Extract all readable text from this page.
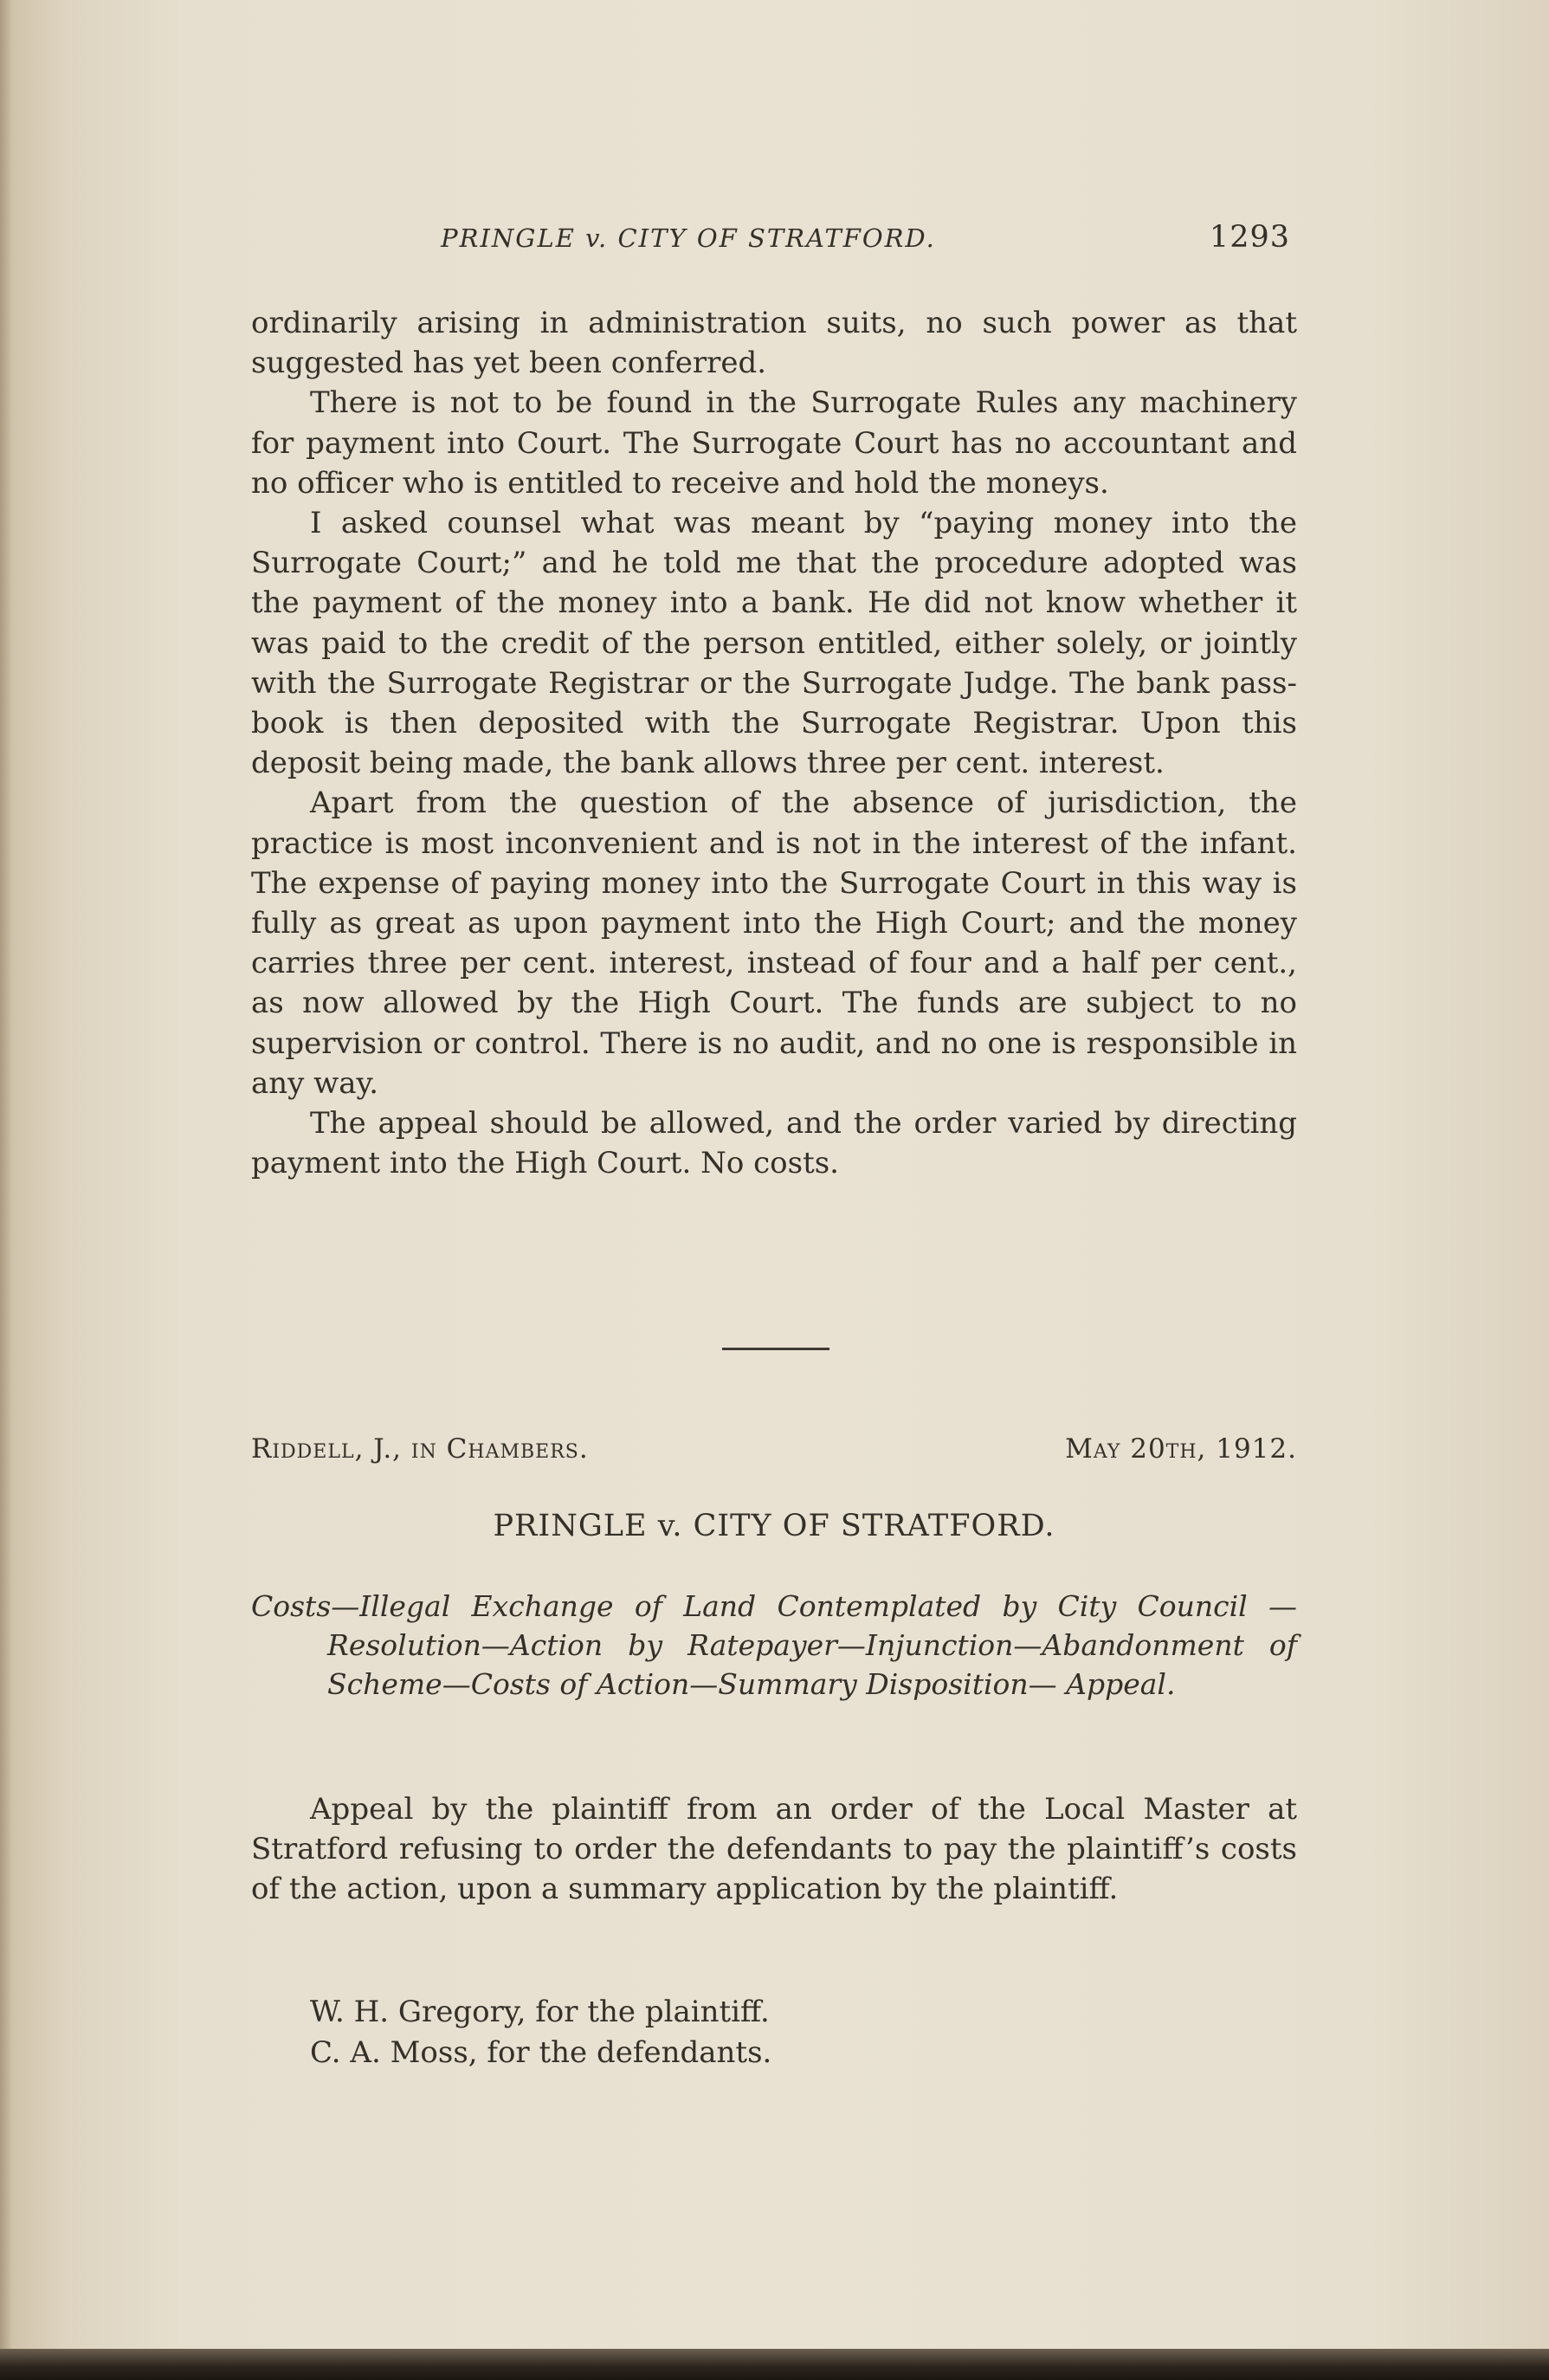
PRINGLE v. CITY OF STRATFORD.	1293

ordinarily arising in administration suits, no such power as that suggested has yet been conferred.

There is not to be found in the Surrogate Rules any machinery for payment into Court. The Surrogate Court has no accountant and no officer who is entitled to receive and hold the moneys.

I asked counsel what was meant by “paying money into the Surrogate Court;” and he told me that the procedure adopted was the payment of the money into a bank. He did not know whether it was paid to the credit of the person entitled, either solely, or jointly with the Surrogate Registrar or the Surrogate Judge. The bank pass-book is then deposited with the Surrogate Registrar. Upon this deposit being made, the bank allows three per cent. interest.

Apart from the question of the absence of jurisdiction, the practice is most inconvenient and is not in the interest of the infant. The expense of paying money into the Surrogate Court in this way is fully as great as upon payment into the High Court; and the money carries three per cent. interest, instead of four and a half per cent., as now allowed by the High Court. The funds are subject to no supervision or control. There is no audit, and no one is responsible in any way.

The appeal should be allowed, and the order varied by directing payment into the High Court. No costs.

Riddell, J., in Chambers.	May 20th, 1912.
PRINGLE v. CITY OF STRATFORD.
Costs—Illegal Exchange of Land Contemplated by City Council —Resolution—Action by Ratepayer—Injunction—Abandonment of Scheme—Costs of Action—Summary Disposition— Appeal.

Appeal by the plaintiff from an order of the Local Master at Stratford refusing to order the defendants to pay the plaintiff’s costs of the action, upon a summary application by the plaintiff.

W. H. Gregory, for the plaintiff.
C. A. Moss, for the defendants.
